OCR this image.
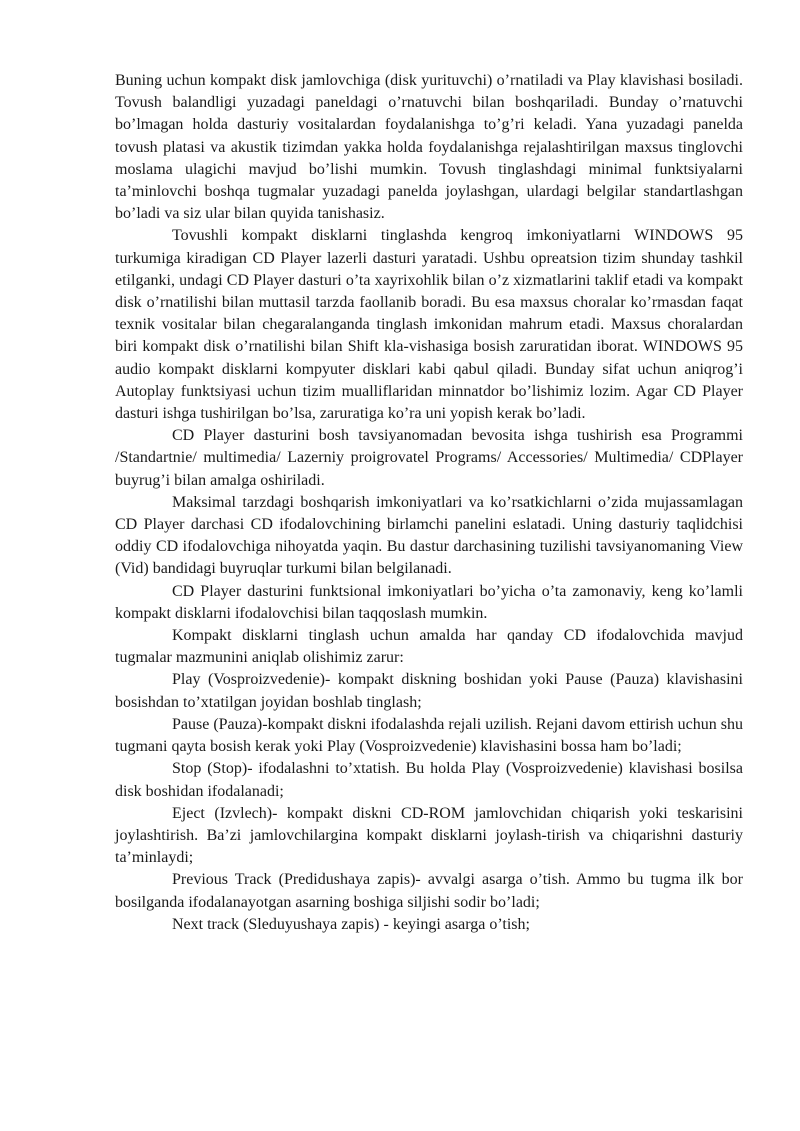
Buning uchun kompakt disk jamlovchiga (disk yurituvchi) o’rnatiladi va Play klavishasi bosiladi. Tovush balandligi yuzadagi paneldagi o’rnatuvchi bilan boshqariladi. Bunday o’rnatuvchi bo’lmagan holda dasturiy vositalardan foydalanishga to’g’ri keladi. Yana yuzadagi panelda tovush platasi va akustik tizimdan yakka holda foydalanishga rejalashtirilgan maxsus tinglovchi moslama ulagichi mavjud bo’lishi mumkin. Tovush tinglashdagi minimal funktsiyalarni ta’minlovchi boshqa tugmalar yuzadagi panelda joylashgan, ulardagi belgilar standartlashgan bo’ladi va siz ular bilan quyida tanishasiz.

Tovushli kompakt disklarni tinglashda kengroq imkoniyatlarni WINDOWS 95 turkumiga kiradigan CD Player lazerli dasturi yaratadi. Ushbu opreatsion tizim shunday tashkil etilganki, undagi CD Player dasturi o’ta xayrixohlik bilan o’z xizmatlarini taklif etadi va kompakt disk o’rnatilishi bilan muttasil tarzda faollanib boradi. Bu esa maxsus choralar ko’rmasdan faqat texnik vositalar bilan chegaralanganda tinglash imkonidan mahrum etadi. Maxsus choralardan biri kompakt disk o’rnatilishi bilan Shift kla-vishasiga bosish zaruratidan iborat. WINDOWS 95 audio kompakt disklarni kompyuter disklari kabi qabul qiladi. Bunday sifat uchun aniqrog’i Autoplay funktsiyasi uchun tizim mualliflaridan minnatdor bo’lishimiz lozim. Agar CD Player dasturi ishga tushirilgan bo’lsa, zaruratiga ko’ra uni yopish kerak bo’ladi.

CD Player dasturini bosh tavsiyanomadan bevosita ishga tushirish esa Programmi /Standartnie/ multimedia/ Lazerniy proigrovatel Programs/ Accessories/ Multimedia/ CDPlayer buyrug’i bilan amalga oshiriladi.

Maksimal tarzdagi boshqarish imkoniyatlari va ko’rsatkichlarni o’zida mujassamlagan CD Player darchasi CD ifodalovchining birlamchi panelini eslatadi. Uning dasturiy taqlidchisi oddiy CD ifodalovchiga nihoyatda yaqin. Bu dastur darchasining tuzilishi tavsiyanomaning View (Vid) bandidagi buyruqlar turkumi bilan belgilanadi.

CD Player dasturini funktsional imkoniyatlari bo’yicha o’ta zamonaviy, keng ko’lamli kompakt disklarni ifodalovchisi bilan taqqoslash mumkin.

Kompakt disklarni tinglash uchun amalda har qanday CD ifodalovchida mavjud tugmalar mazmunini aniqlab olishimiz zarur:

Play (Vosproizvedenie)- kompakt diskning boshidan yoki Pause (Pauza) klavishasini bosishdan to’xtatilgan joyidan boshlab tinglash;

Pause (Pauza)-kompakt diskni ifodalashda rejali uzilish. Rejani davom ettirish uchun shu tugmani qayta bosish kerak yoki Play (Vosproizvedenie) klavishasini bossa ham bo’ladi;

Stop (Stop)- ifodalashni to’xtatish. Bu holda Play (Vosproizvedenie) klavishasi bosilsa disk boshidan ifodalanadi;

Eject (Izvlech)- kompakt diskni CD-ROM jamlovchidan chiqarish yoki teskarisini joylashtirish. Ba’zi jamlovchilargina kompakt disklarni joylash-tirish va chiqarishni dasturiy ta’minlaydi;

Previous Track (Predidushaya zapis)- avvalgi asarga o’tish. Ammo bu tugma ilk bor bosilganda ifodalanayotgan asarning boshiga siljishi sodir bo’ladi;

Next track (Sleduyushaya zapis) - keyingi asarga o’tish;
